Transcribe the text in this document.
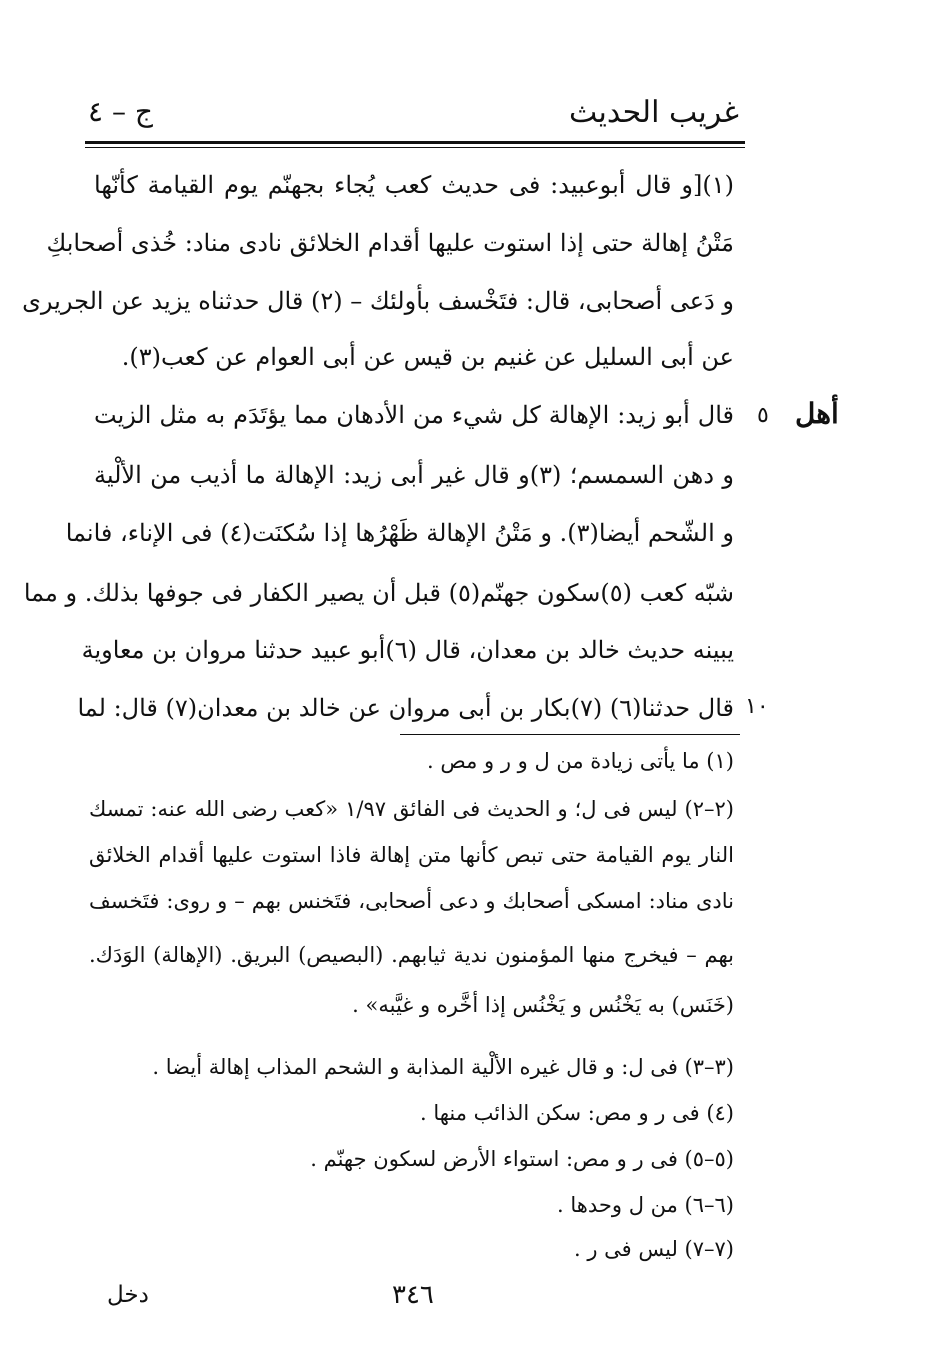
غريب الحديث
ج – ٤
(١)[و قال أبوعبيد: فى حديث كعب يُجاء بجهنّم يوم القيامة كأنّها
مَتْنُ إهالة حتى إذا استوت عليها أقدام الخلائق نادى مناد: خُذى أصحابكِ
و دَعى أصحابى، قال: فتَخْسف بأولئك – (٢) قال حدثناه يزيد عن الجريرى
عن أبى السليل عن غنيم بن قيس عن أبى العوام عن كعب(٣).
قال أبو زيد: الإهالة كل شيء من الأدهان مما يؤتَدَم به مثل الزيت
و دهن السمسم؛ (٣)و قال غير أبى زيد: الإهالة ما أذيب من الألْية
و الشّحم أيضا(٣). و مَتْنُ الإهالة ظَهْرُها إذا سُكنَت(٤) فى الإناء، فانما
شبّه كعب (٥)سكون جهنّم(٥) قبل أن يصير الكفار فى جوفها بذلك. و مما
يبينه حديث خالد بن معدان، قال (٦)أبو عبيد حدثنا مروان بن معاوية
قال حدثنا(٦) (٧)بكار بن أبى مروان عن خالد بن معدان(٧) قال: لما
أهل
٥
١٠
(١) ما يأتى زيادة من ل و ر و مص .
(٢–٢) ليس فى ل؛ و الحديث فى الفائق ١/٩٧ «كعب رضى الله عنه: تمسك
النار يوم القيامة حتى تبص كأنها متن إهالة فاذا استوت عليها أقدام الخلائق
نادى مناد: امسكى أصحابك و دعى أصحابى، فتَخنس بهم – و روى: فتَخسف
بهم – فيخرج منها المؤمنون ندية ثيابهم. (البصيص) البريق. (الإهالة) الوَدَك.
(خَنَس) به يَخْنُس و يَخْنُس إذا أخَّره و غيَّبه» .
(٣–٣) فى ل: و قال غيره الألْية المذابة و الشحم المذاب إهالة أيضا .
(٤) فى ر و مص: سكن الذائب منها .
(٥–٥) فى ر و مص: استواء الأرض لسكون جهنّم .
(٦–٦) من ل وحدها .
(٧–٧) ليس فى ر .
٣٤٦
دخل
